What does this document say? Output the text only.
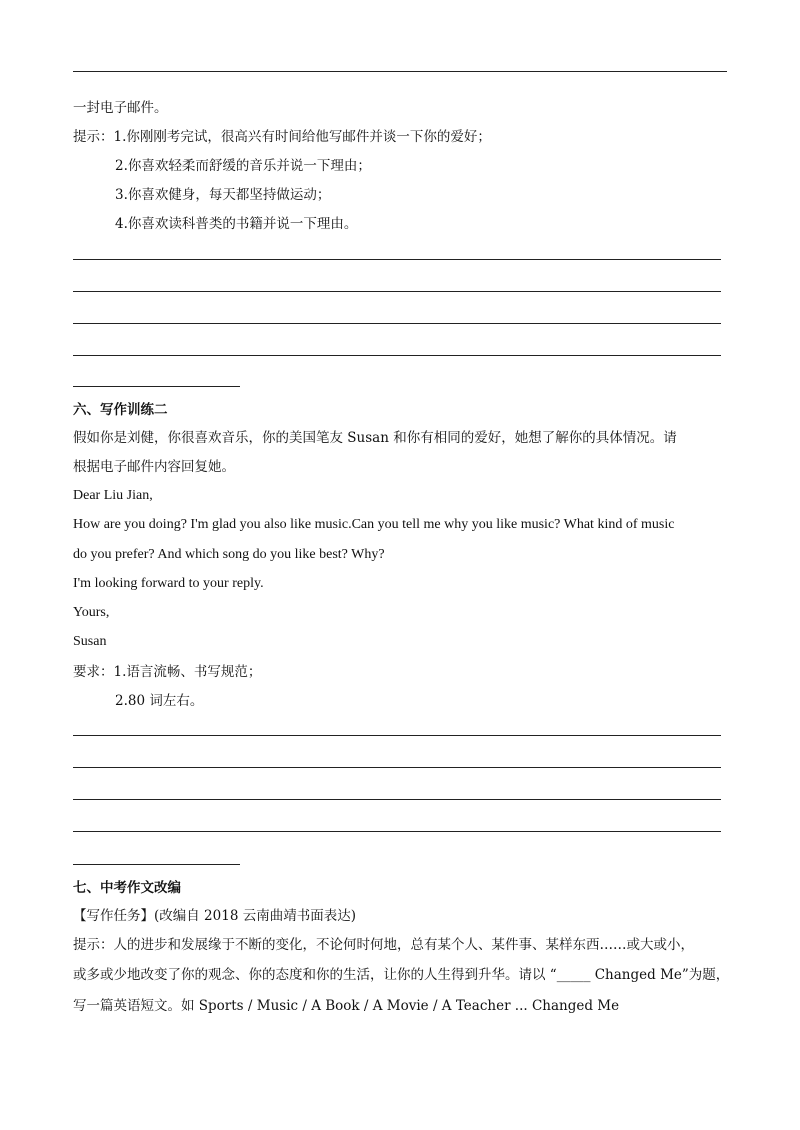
一封电子邮件。
提示：1.你刚刚考完试，很高兴有时间给他写邮件并谈一下你的爱好；
2.你喜欢轻柔而舒缓的音乐并说一下理由；
3.你喜欢健身，每天都坚持做运动；
4.你喜欢读科普类的书籍并说一下理由。
六、写作训练二
假如你是刘健，你很喜欢音乐，你的美国笔友 Susan 和你有相同的爱好，她想了解你的具体情况。请
根据电子邮件内容回复她。
Dear Liu Jian,
How are you doing? I'm glad you also like music.Can you tell me why you like music? What kind of music
do you prefer? And which song do you like best? Why?
I'm looking forward to your reply.
Yours,
Susan
要求：1.语言流畅、书写规范；
2.80 词左右。
七、中考作文改编
【写作任务】(改编自 2018 云南曲靖书面表达)
提示：人的进步和发展缘于不断的变化，不论何时何地，总有某个人、某件事、某样东西……或大或小，
或多或少地改变了你的观念、你的态度和你的生活，让你的人生得到升华。请以 “_____ Changed Me”为题，
写一篇英语短文。如 Sports / Music / A Book / A Movie / A Teacher ... Changed Me
